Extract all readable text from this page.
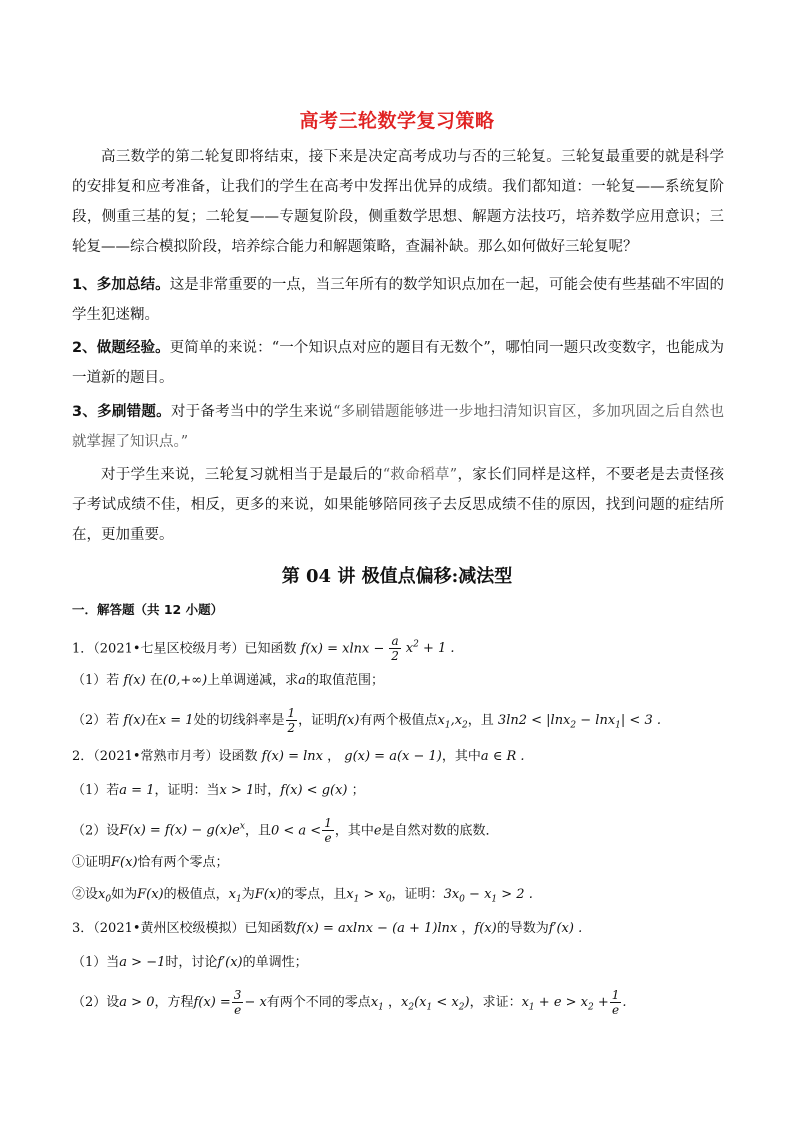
高考三轮数学复习策略
高三数学的第二轮复即将结束，接下来是决定高考成功与否的三轮复。三轮复最重要的就是科学的安排复和应考准备，让我们的学生在高考中发挥出优异的成绩。我们都知道：一轮复——系统复阶段，侧重三基的复；二轮复——专题复阶段，侧重数学思想、解题方法技巧，培养数学应用意识；三轮复——综合模拟阶段，培养综合能力和解题策略，查漏补缺。那么如何做好三轮复呢？
1、多加总结。这是非常重要的一点，当三年所有的数学知识点加在一起，可能会使有些基础不牢固的学生犯迷糊。
2、做题经验。更简单的来说：“一个知识点对应的题目有无数个”，哪怕同一题只改变数字，也能成为一道新的题目。
3、多刷错题。对于备考当中的学生来说“多刷错题能够进一步地扫清知识盲区，多加巩固之后自然也就掌握了知识点。”
对于学生来说，三轮复习就相当于是最后的“救命稻草”，家长们同样是这样，不要老是去责怪孩子考试成绩不佳，相反，更多的来说，如果能够陪同孩子去反思成绩不佳的原因，找到问题的症结所在，更加重要。
第 04 讲 极值点偏移:减法型
一．解答题（共 12 小题）
1．（2021•七星区校级月考）已知函数 $f(x) = xlnx - \frac{a}{2} x^2 + 1$ .
（1）若 f(x) 在(0,+∞)上单调递减，求a的取值范围；
（2）若 f(x)在x = 1处的切线斜率是 $\frac{1}{2}$ ，证明f(x)有两个极值点$x_1,x_2$，且 3ln2 < |lnx$_2$ − lnx$_1$| < 3 .
2．（2021•常熟市月考）设函数 f(x) = lnx ， g(x) = a(x − 1)，其中a ∈ R .
（1）若a = 1，证明：当x > 1时，f(x) < g(x) ；
（2）设$F(x) = f(x) - g(x)e^x$，且$0 < a < \frac{1}{e}$ ，其中e是自然对数的底数．
①证明F(x)恰有两个零点；
②设$x_0$如为F(x)的极值点，$x_1$为F(x)的零点，且$x_1 > x_0$，证明：$3x_0 - x_1 > 2$ .
3．（2021•黄州区校级模拟）已知函数f(x) = axlnx − (a + 1)lnx ，f(x)的导数为f′(x) .
（1）当a > −1时，讨论f′(x)的单调性；
（2）设a > 0，方程$f(x) = \frac{3}{e} - x$有两个不同的零点$x_1$ ，$x_2(x_1 < x_2)$，求证：$x_1 + e > x_2 + \frac{1}{e}$ .
